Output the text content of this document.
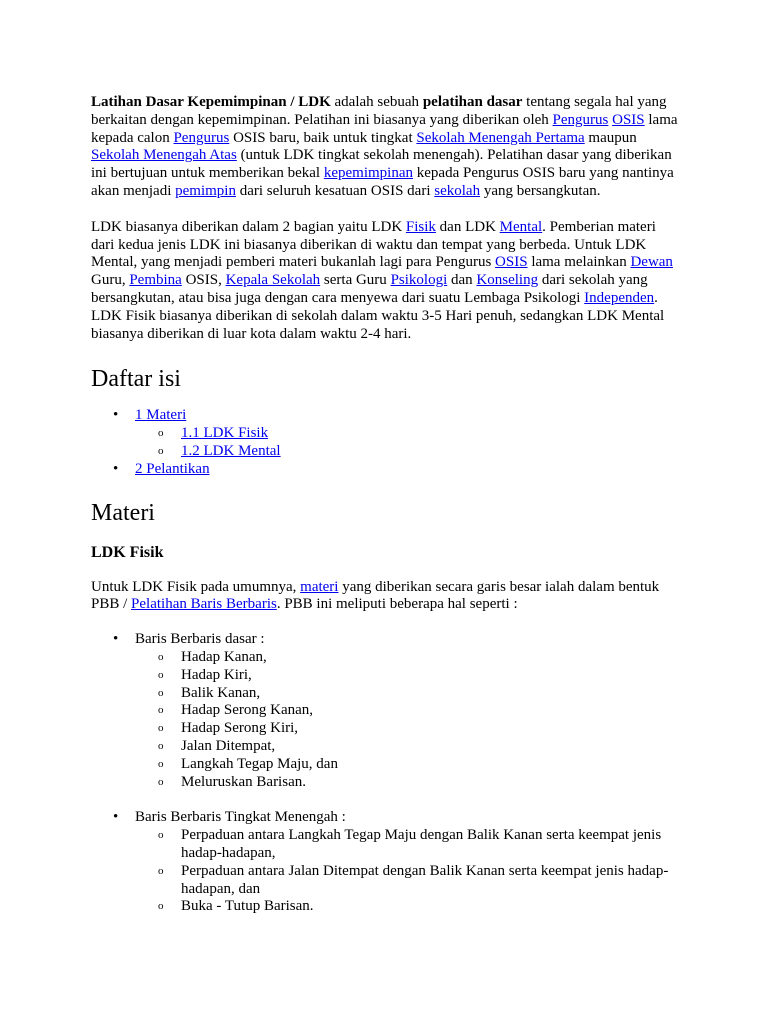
Latihan Dasar Kepemimpinan / LDK adalah sebuah pelatihan dasar tentang segala hal yang berkaitan dengan kepemimpinan. Pelatihan ini biasanya yang diberikan oleh Pengurus OSIS lama kepada calon Pengurus OSIS baru, baik untuk tingkat Sekolah Menengah Pertama maupun Sekolah Menengah Atas (untuk LDK tingkat sekolah menengah). Pelatihan dasar yang diberikan ini bertujuan untuk memberikan bekal kepemimpinan kepada Pengurus OSIS baru yang nantinya akan menjadi pemimpin dari seluruh kesatuan OSIS dari sekolah yang bersangkutan.

LDK biasanya diberikan dalam 2 bagian yaitu LDK Fisik dan LDK Mental. Pemberian materi dari kedua jenis LDK ini biasanya diberikan di waktu dan tempat yang berbeda. Untuk LDK Mental, yang menjadi pemberi materi bukanlah lagi para Pengurus OSIS lama melainkan Dewan Guru, Pembina OSIS, Kepala Sekolah serta Guru Psikologi dan Konseling dari sekolah yang bersangkutan, atau bisa juga dengan cara menyewa dari suatu Lembaga Psikologi Independen. LDK Fisik biasanya diberikan di sekolah dalam waktu 3-5 Hari penuh, sedangkan LDK Mental biasanya diberikan di luar kota dalam waktu 2-4 hari.

Daftar isi
• 1 Materi
o 1.1 LDK Fisik
o 1.2 LDK Mental
• 2 Pelantikan
Materi
LDK Fisik

Untuk LDK Fisik pada umumnya, materi yang diberikan secara garis besar ialah dalam bentuk PBB / Pelatihan Baris Berbaris. PBB ini meliputi beberapa hal seperti :

• Baris Berbaris dasar :
o Hadap Kanan,
o Hadap Kiri,
o Balik Kanan,
o Hadap Serong Kanan,
o Hadap Serong Kiri,
o Jalan Ditempat,
o Langkah Tegap Maju, dan
o Meluruskan Barisan.
• Baris Berbaris Tingkat Menengah :
o Perpaduan antara Langkah Tegap Maju dengan Balik Kanan serta keempat jenis hadap-hadapan,
o Perpaduan antara Jalan Ditempat dengan Balik Kanan serta keempat jenis hadap-hadapan, dan
o Buka - Tutup Barisan.
